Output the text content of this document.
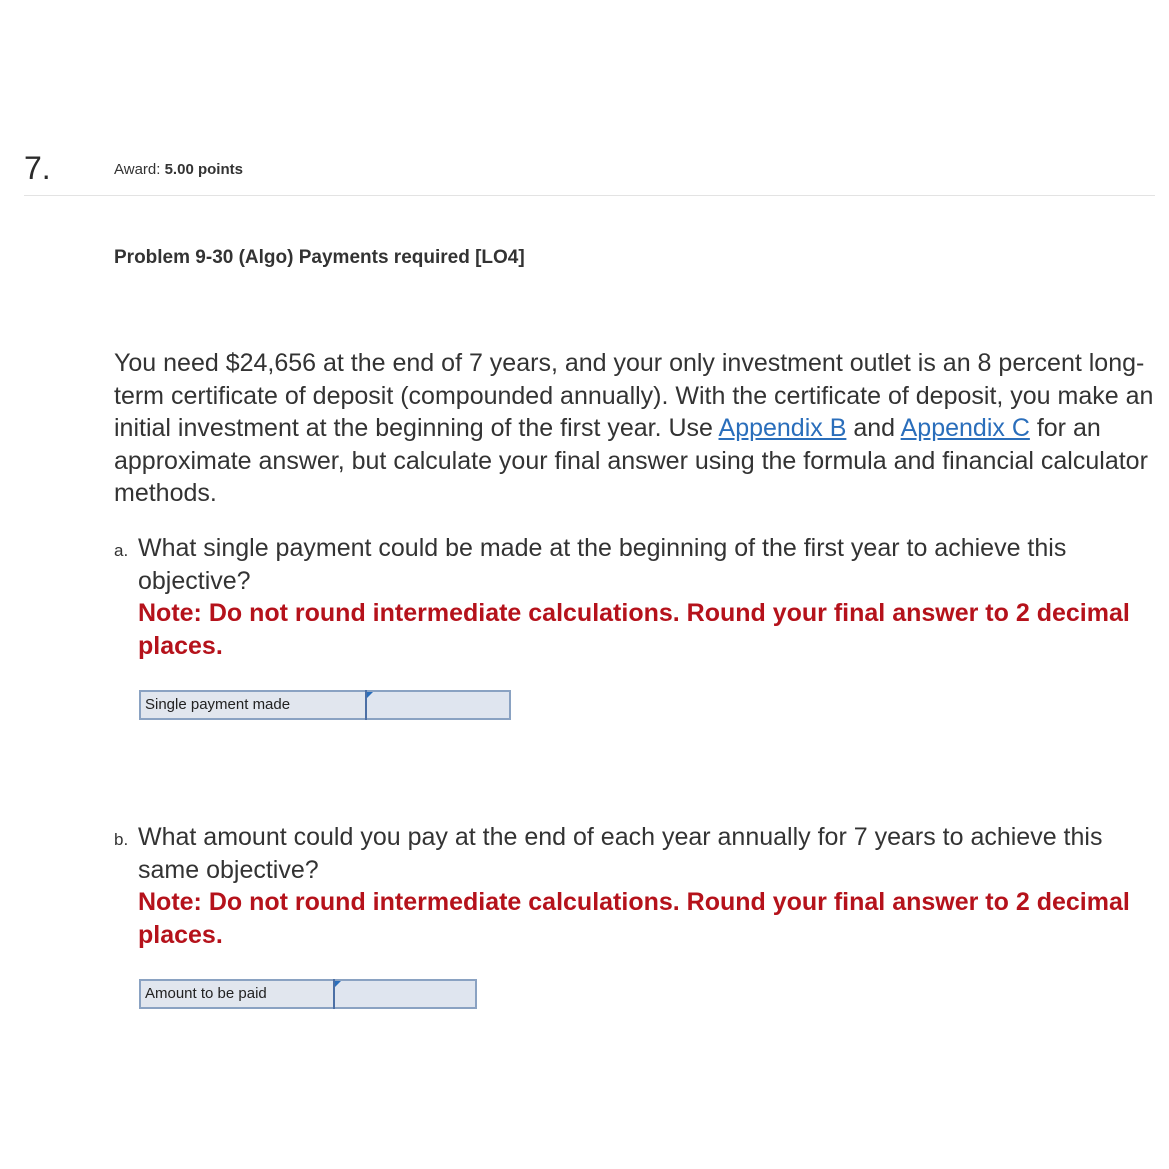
7.	Award: 5.00 points
Problem 9-30 (Algo) Payments required [LO4]
You need $24,656 at the end of 7 years, and your only investment outlet is an 8 percent long-term certificate of deposit (compounded annually). With the certificate of deposit, you make an initial investment at the beginning of the first year. Use Appendix B and Appendix C for an approximate answer, but calculate your final answer using the formula and financial calculator methods.
a. What single payment could be made at the beginning of the first year to achieve this objective?
Note: Do not round intermediate calculations. Round your final answer to 2 decimal places.
Single payment made	
b. What amount could you pay at the end of each year annually for 7 years to achieve this same objective?
Note: Do not round intermediate calculations. Round your final answer to 2 decimal places.
Amount to be paid	
